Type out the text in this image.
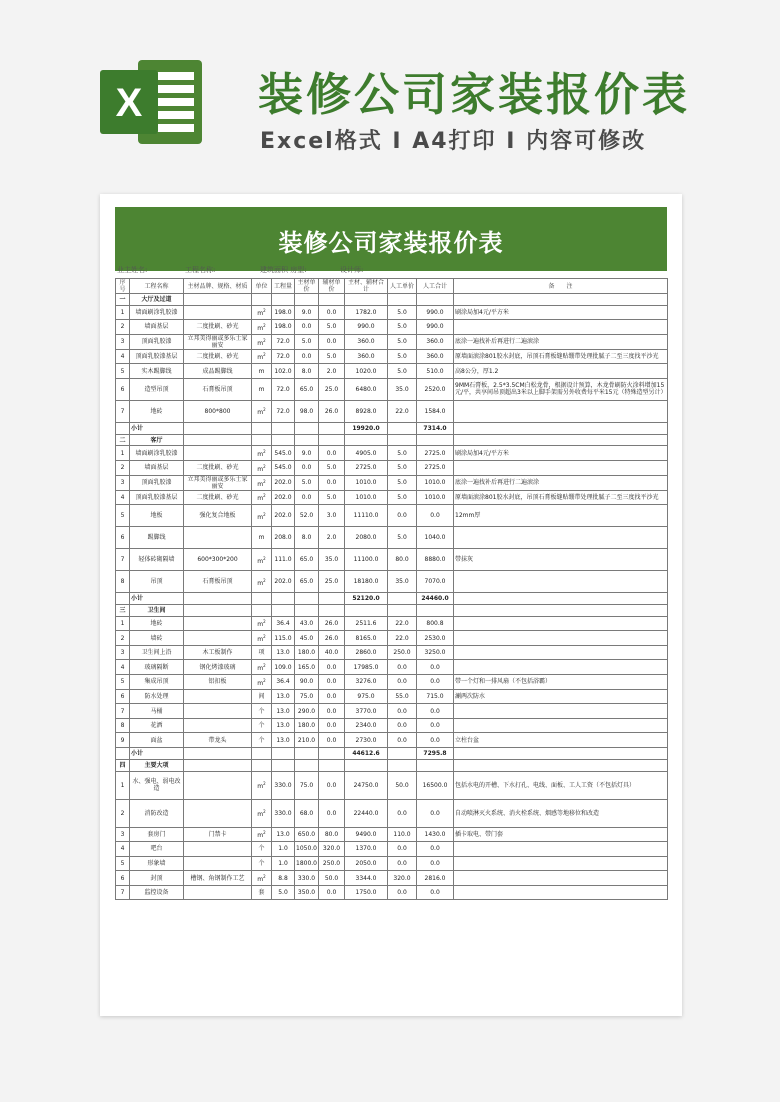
X	装修公司家装报价表
Excel格式 I A4打印 I 内容可修改
装修公司家装报价表
业主姓名:	工程名称:	建筑面积 房型:	设计师:
序号	工程名称	主材品牌、规格、材质	单位	工程量	主材单价	辅材单价	主材、辅材合计	人工单价	人工合计	备　　注
一	大厅及过道									
1	墙面刷涂乳胶漆		$m^2$	198.0	9.0	0.0	1782.0	5.0	990.0	刷涂局加4元/平方米
2	墙面基层	二度批刷、砂光	$m^2$	198.0	0.0	5.0	990.0	5.0	990.0	
3	顶面乳胶漆	立邦美得丽或多乐士家丽安	$m^2$	72.0	5.0	0.0	360.0	5.0	360.0	底涂一遍找补后再进行二遍滚涂
4	顶面乳胶漆基层	二度批刷、砂光	$m^2$	72.0	0.0	5.0	360.0	5.0	360.0	原墙面滚涂801胶水封底，吊顶石膏板缝贴绷带处理批腻子二至三度找平沙光
5	实木踢脚线	成品踢脚线	m	102.0	8.0	2.0	1020.0	5.0	510.0	高8公分，厚1.2
6	造型吊顶	石膏板吊顶	m	72.0	65.0	25.0	6480.0	35.0	2520.0	9MM石膏板，2.5*3.5CM白松龙骨，根据设计预算，木龙骨刷防火涂料增加15元/平，共享间吊顶超出3米以上脚手架需另外收费每平米15元（特殊造型另计）
7	地砖	800*800	$m^2$	72.0	98.0	26.0	8928.0	22.0	1584.0	
	小计						19920.0		7314.0	
二	客厅									
1	墙面刷涂乳胶漆		$m^2$	545.0	9.0	0.0	4905.0	5.0	2725.0	刷涂局加4元/平方米
2	墙面基层	二度批刷、砂光	$m^2$	545.0	0.0	5.0	2725.0	5.0	2725.0	
3	顶面乳胶漆	立邦美得丽或多乐士家丽安	$m^2$	202.0	5.0	0.0	1010.0	5.0	1010.0	底涂一遍找补后再进行二遍滚涂
4	顶面乳胶漆基层	二度批刷、砂光	$m^2$	202.0	0.0	5.0	1010.0	5.0	1010.0	原墙面滚涂801胶水封底，吊顶石膏板缝贴绷带处理批腻子二至三度找平沙光
5	地板	强化复合地板	$m^2$	202.0	52.0	3.0	11110.0	0.0	0.0	12mm厚
6	踢脚线		m	208.0	8.0	2.0	2080.0	5.0	1040.0	
7	轻体砖砌隔墙	600*300*200	$m^2$	111.0	65.0	35.0	11100.0	80.0	8880.0	带抹灰
8	吊顶	石膏板吊顶	$m^2$	202.0	65.0	25.0	18180.0	35.0	7070.0	
	小计						52120.0		24460.0	
三	卫生间									
1	地砖		$m^2$	36.4	43.0	26.0	2511.6	22.0	800.8	
2	墙砖		$m^2$	115.0	45.0	26.0	8165.0	22.0	2530.0	
3	卫生间上沿	木工板制作	项	13.0	180.0	40.0	2860.0	250.0	3250.0	
4	玻璃隔断	钢化烤漆玻璃	$m^2$	109.0	165.0	0.0	17985.0	0.0	0.0	
5	集成吊顶	铝扣板	$m^2$	36.4	90.0	0.0	3276.0	0.0	0.0	带一个灯和一排风扇（不包括浴霸）
6	防水处理		间	13.0	75.0	0.0	975.0	55.0	715.0	涮两次防水
7	马桶		个	13.0	290.0	0.0	3770.0	0.0	0.0	
8	花洒		个	13.0	180.0	0.0	2340.0	0.0	0.0	
9	面盆	带龙头	个	13.0	210.0	0.0	2730.0	0.0	0.0	立柱台盆
	小计						44612.6		7295.8	
四	主要大项									
1	水、强电、弱电改造		$m^2$	330.0	75.0	0.0	24750.0	50.0	16500.0	包括水电的开槽、下水打孔、电线、面板、工人工资（不包括灯具）
2	消防改造		$m^2$	330.0	68.0	0.0	22440.0	0.0	0.0	自动喷淋灭火系统、消火栓系统、烟感等地移位和改造
3	套房门	门禁卡	$m^2$	13.0	650.0	80.0	9490.0	110.0	1430.0	插卡取电、带门套
4	吧台		个	1.0	1050.0	320.0	1370.0	0.0	0.0	
5	形象墙		个	1.0	1800.0	250.0	2050.0	0.0	0.0	
6	封顶	槽钢、角钢制作工艺	$m^2$	8.8	330.0	50.0	3344.0	320.0	2816.0	
7	监控设备		套	5.0	350.0	0.0	1750.0	0.0	0.0	
